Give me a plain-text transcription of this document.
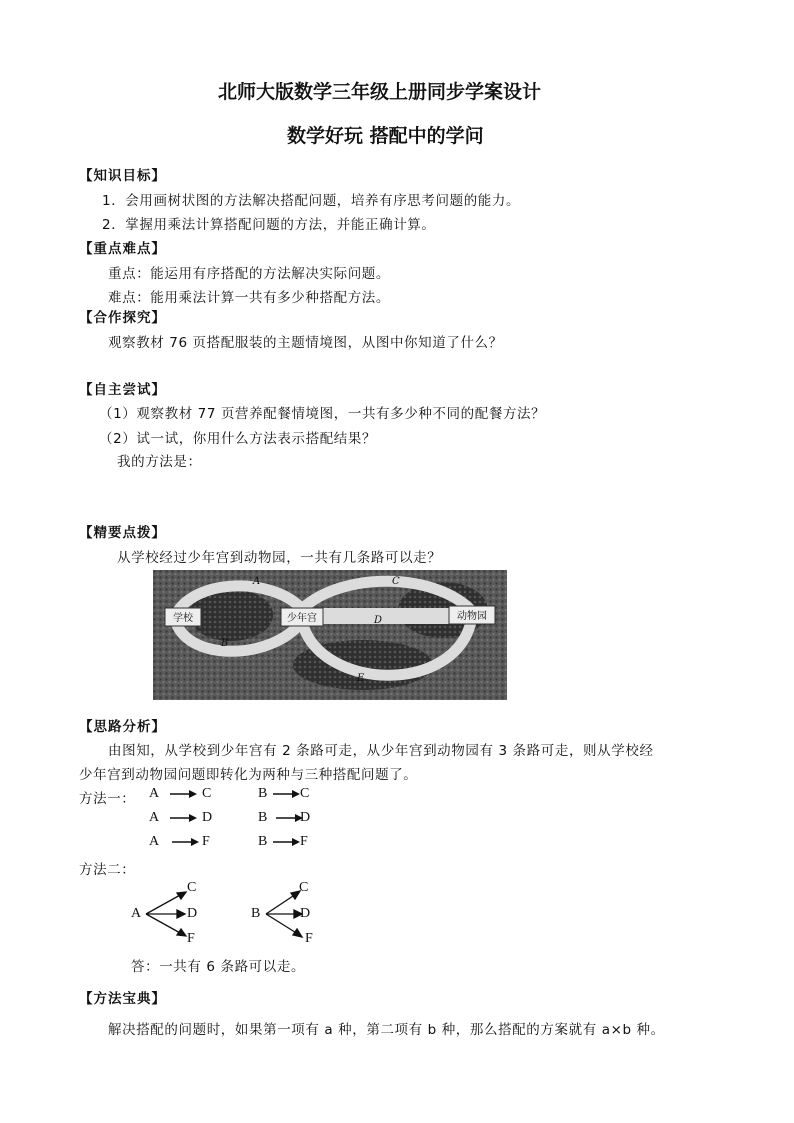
北师大版数学三年级上册同步学案设计
数学好玩 搭配中的学问
【知识目标】
1．会用画树状图的方法解决搭配问题，培养有序思考问题的能力。
2．掌握用乘法计算搭配问题的方法，并能正确计算。
【重点难点】
重点：能运用有序搭配的方法解决实际问题。
难点：能用乘法计算一共有多少种搭配方法。
【合作探究】
观察教材 76 页搭配服装的主题情境图，从图中你知道了什么？
【自主尝试】
（1）观察教材 77 页营养配餐情境图，一共有多少种不同的配餐方法？
（2）试一试，你用什么方法表示搭配结果？
我的方法是：
【精要点拨】
从学校经过少年宫到动物园，一共有几条路可以走？
学校	少年宫	动物园
A
B
C
D
E
【思路分析】
由图知，从学校到少年宫有 2 条路可走，从少年宫到动物园有 3 条路可走，则从学校经
少年宫到动物园问题即转化为两种与三种搭配问题了。
方法一： A	C	B C
A	D	B D
A	F	B F
方法二：
A
C
D
F
B
C
D
F
答：一共有 6 条路可以走。
【方法宝典】
解决搭配的问题时，如果第一项有 a 种，第二项有 b 种，那么搭配的方案就有 a×b 种。
